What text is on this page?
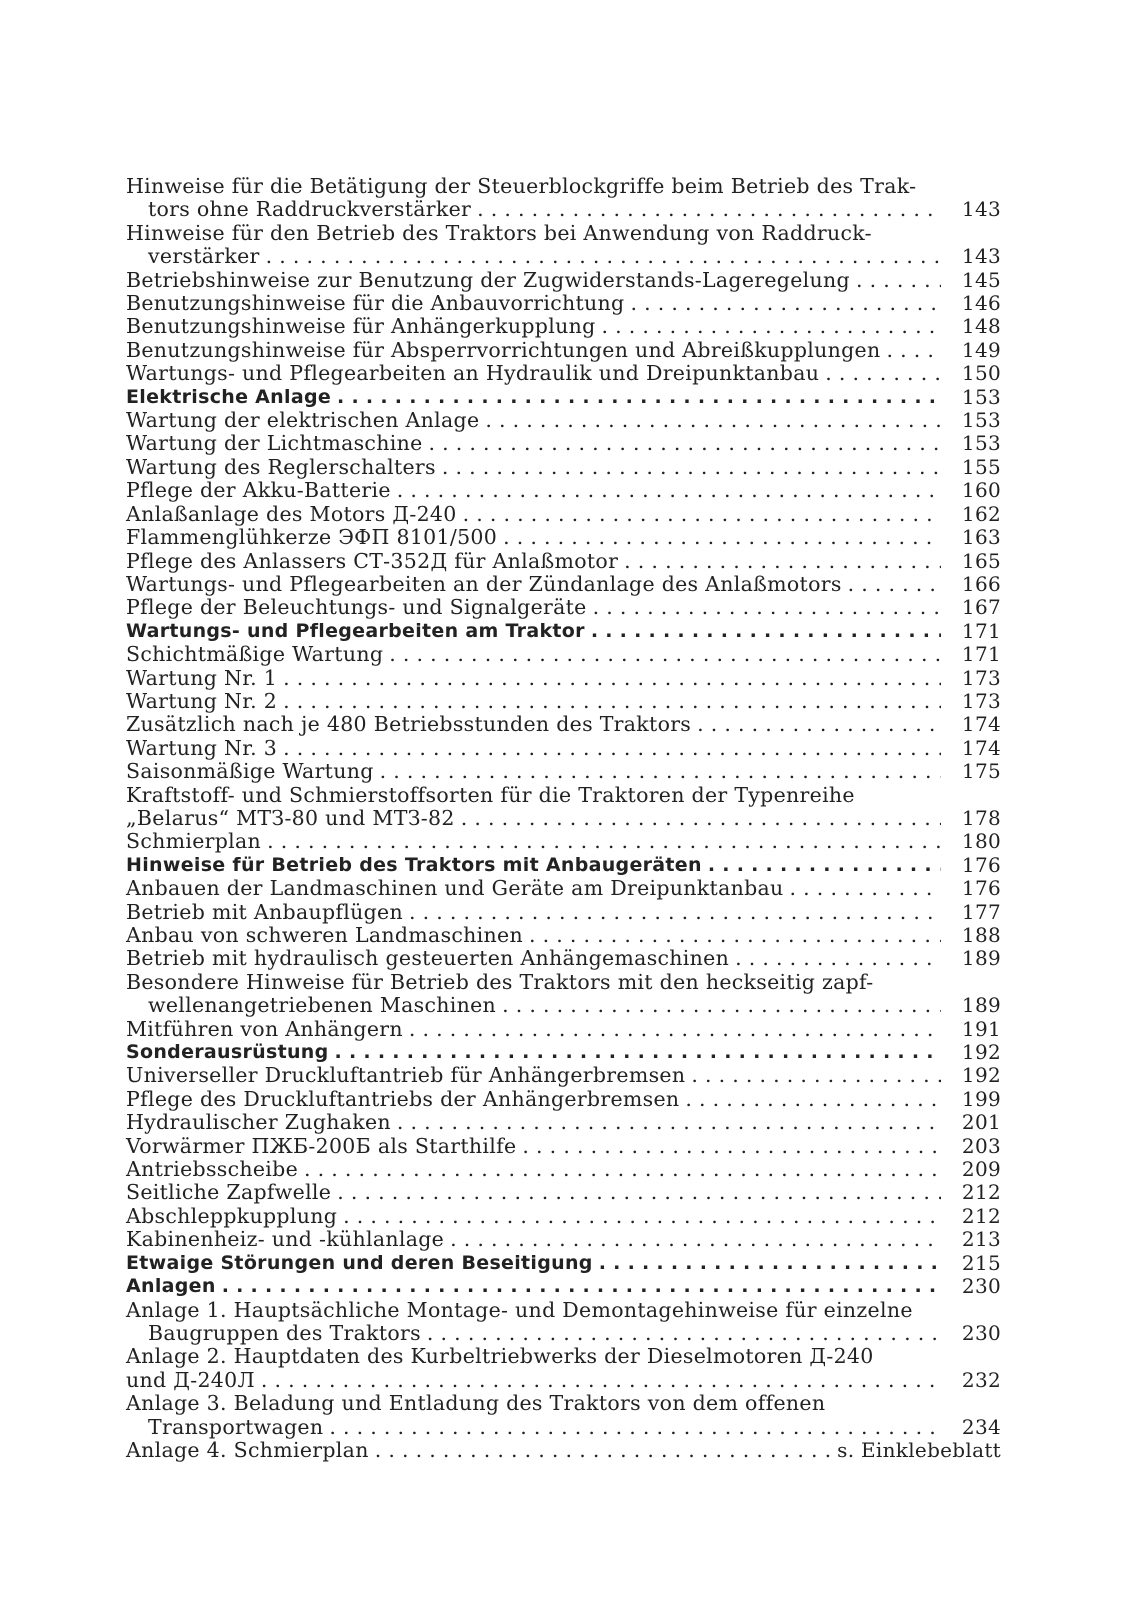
Hinweise für die Betätigung der Steuerblockgriffe beim Betrieb des Trak-
tors ohne Raddruckverstärker . . .	143
Hinweise für den Betrieb des Traktors bei Anwendung von Raddruck-
verstärker . . .	143
Betriebshinweise zur Benutzung der Zugwiderstands-Lageregelung . . .	145
Benutzungshinweise für die Anbauvorrichtung . . .	146
Benutzungshinweise für Anhängerkupplung . . .	148
Benutzungshinweise für Absperrvorrichtungen und Abreißkupplungen . . .	149
Wartungs- und Pflegearbeiten an Hydraulik und Dreipunktanbau . . .	150
Elektrische Anlage . . .	153
Wartung der elektrischen Anlage . . .	153
Wartung der Lichtmaschine . . .	153
Wartung des Reglerschalters . . .	155
Pflege der Akku-Batterie . . .	160
Anlaßanlage des Motors Д-240 . . .	162
Flammenglühkerze ЭФП 8101/500 . . .	163
Pflege des Anlassers СТ-352Д für Anlaßmotor . . .	165
Wartungs- und Pflegearbeiten an der Zündanlage des Anlaßmotors . . .	166
Pflege der Beleuchtungs- und Signalgeräte . . .	167
Wartungs- und Pflegearbeiten am Traktor . . .	171
Schichtmäßige Wartung . . .	171
Wartung Nr. 1 . . .	173
Wartung Nr. 2 . . .	173
Zusätzlich nach je 480 Betriebsstunden des Traktors . . .	174
Wartung Nr. 3 . . .	174
Saisonmäßige Wartung . . .	175
Kraftstoff- und Schmierstoffsorten für die Traktoren der Typenreihe
„Belarus“ МТЗ-80 und МТЗ-82 . . .	178
Schmierplan . . .	180
Hinweise für Betrieb des Traktors mit Anbaugeräten . . .	176
Anbauen der Landmaschinen und Geräte am Dreipunktanbau . . .	176
Betrieb mit Anbaupflügen . . .	177
Anbau von schweren Landmaschinen . . .	188
Betrieb mit hydraulisch gesteuerten Anhängemaschinen . . .	189
Besondere Hinweise für Betrieb des Traktors mit den heckseitig zapf-
wellenangetriebenen Maschinen . . .	189
Mitführen von Anhängern . . .	191
Sonderausrüstung . . .	192
Universeller Druckluftantrieb für Anhängerbremsen . . .	192
Pflege des Druckluftantriebs der Anhängerbremsen . . .	199
Hydraulischer Zughaken . . .	201
Vorwärmer ПЖБ-200Б als Starthilfe . . .	203
Antriebsscheibe . . .	209
Seitliche Zapfwelle . . .	212
Abschleppkupplung . . .	212
Kabinenheiz- und -kühlanlage . . .	213
Etwaige Störungen und deren Beseitigung . . .	215
Anlagen . . .	230
Anlage 1. Hauptsächliche Montage- und Demontagehinweise für einzelne
Baugruppen des Traktors . . .	230
Anlage 2. Hauptdaten des Kurbeltriebwerks der Dieselmotoren Д-240
und Д-240Л . . .	232
Anlage 3. Beladung und Entladung des Traktors von dem offenen
Transportwagen . . .	234
Anlage 4. Schmierplan . . .	s. Einklebeblatt
